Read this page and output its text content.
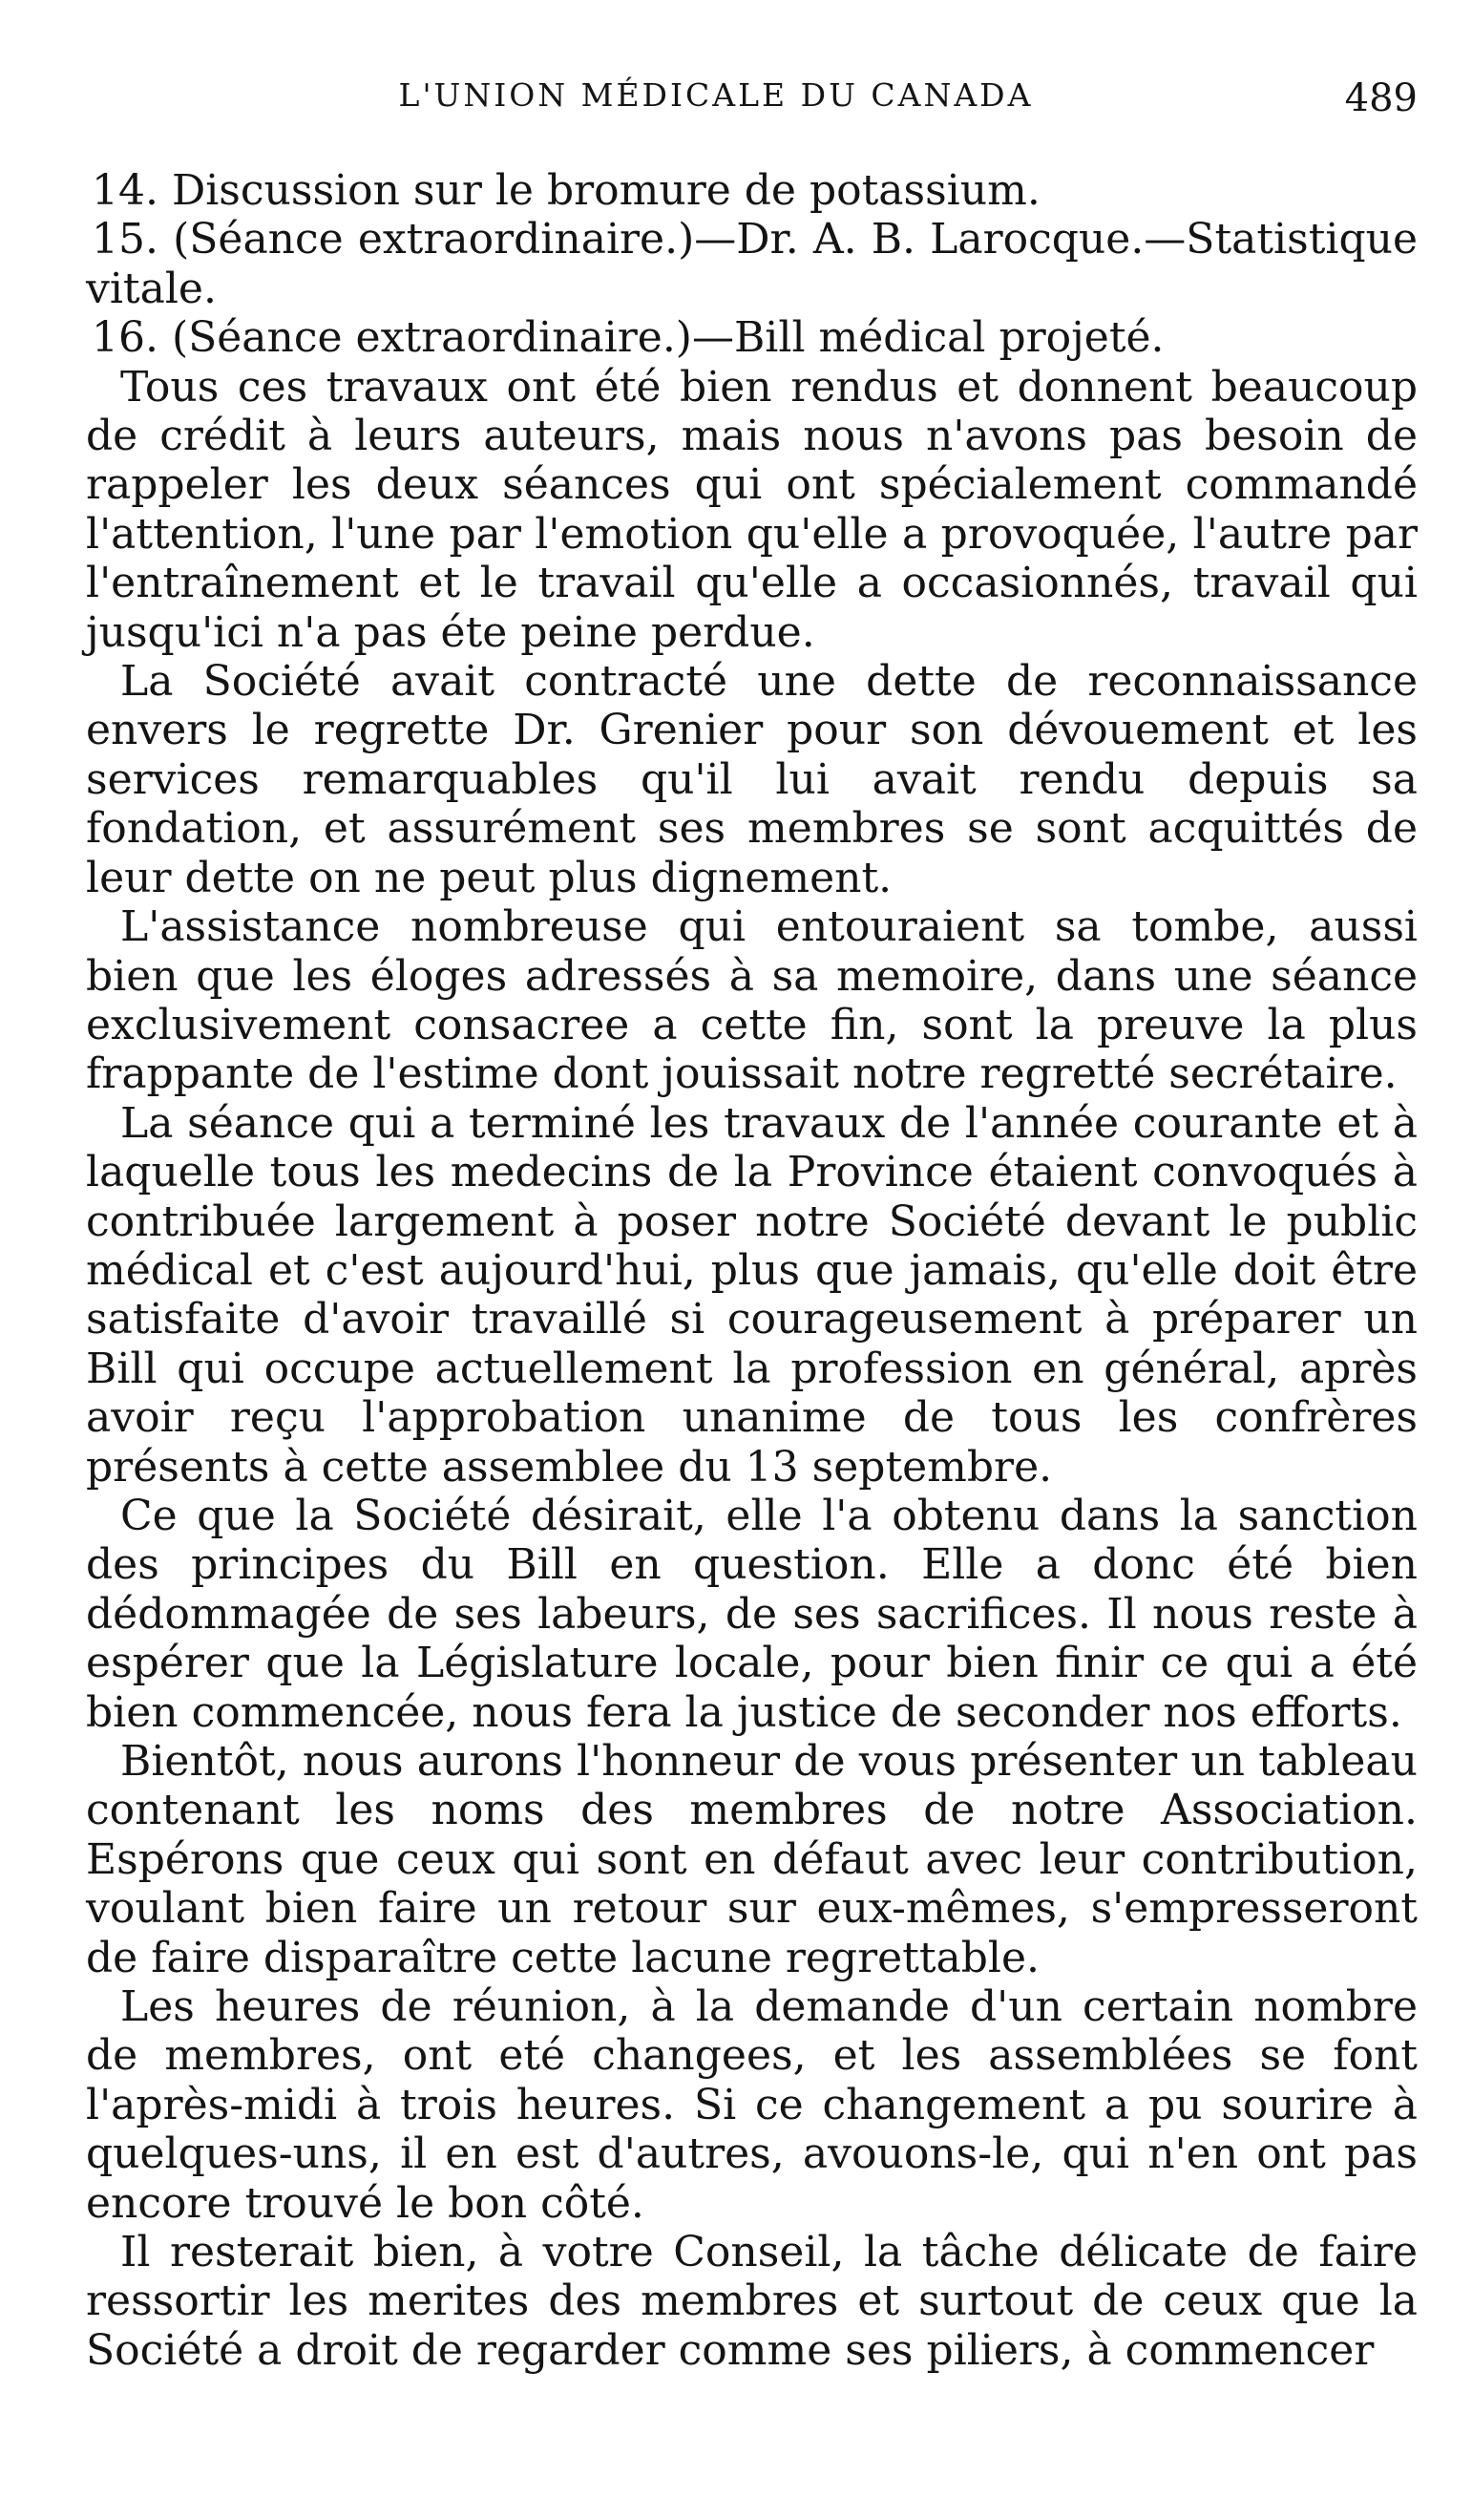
L'UNION MÉDICALE DU CANADA	489

14. Discussion sur le bromure de potassium.

15. (Séance extraordinaire.)—Dr. A. B. Larocque.—Statistique vitale.

16. (Séance extraordinaire.)—Bill médical projeté.

Tous ces travaux ont été bien rendus et donnent beaucoup de crédit à leurs auteurs, mais nous n'avons pas besoin de rappeler les deux séances qui ont spécialement commandé l'attention, l'une par l'emotion qu'elle a provoquée, l'autre par l'entraînement et le travail qu'elle a occasionnés, travail qui jusqu'ici n'a pas éte peine perdue.

La Société avait contracté une dette de reconnaissance envers le regrette Dr. Grenier pour son dévouement et les services remarquables qu'il lui avait rendu depuis sa fondation, et assurément ses membres se sont acquittés de leur dette on ne peut plus dignement.

L'assistance nombreuse qui entouraient sa tombe, aussi bien que les éloges adressés à sa memoire, dans une séance exclusivement consacree a cette fin, sont la preuve la plus frappante de l'estime dont jouissait notre regretté secrétaire.

La séance qui a terminé les travaux de l'année courante et à laquelle tous les medecins de la Province étaient convoqués à contribuée largement à poser notre Société devant le public médical et c'est aujourd'hui, plus que jamais, qu'elle doit être satisfaite d'avoir travaillé si courageusement à préparer un Bill qui occupe actuellement la profession en général, après avoir reçu l'approbation unanime de tous les confrères présents à cette assemblee du 13 septembre.

Ce que la Société désirait, elle l'a obtenu dans la sanction des principes du Bill en question. Elle a donc été bien dédommagée de ses labeurs, de ses sacrifices. Il nous reste à espérer que la Législature locale, pour bien finir ce qui a été bien commencée, nous fera la justice de seconder nos efforts.

Bientôt, nous aurons l'honneur de vous présenter un tableau contenant les noms des membres de notre Association. Espérons que ceux qui sont en défaut avec leur contribution, voulant bien faire un retour sur eux-mêmes, s'empresseront de faire disparaître cette lacune regrettable.

Les heures de réunion, à la demande d'un certain nombre de membres, ont eté changees, et les assemblées se font l'après-midi à trois heures. Si ce changement a pu sourire à quelques-uns, il en est d'autres, avouons-le, qui n'en ont pas encore trouvé le bon côté.

Il resterait bien, à votre Conseil, la tâche délicate de faire ressortir les merites des membres et surtout de ceux que la Société a droit de regarder comme ses piliers, à commencer
